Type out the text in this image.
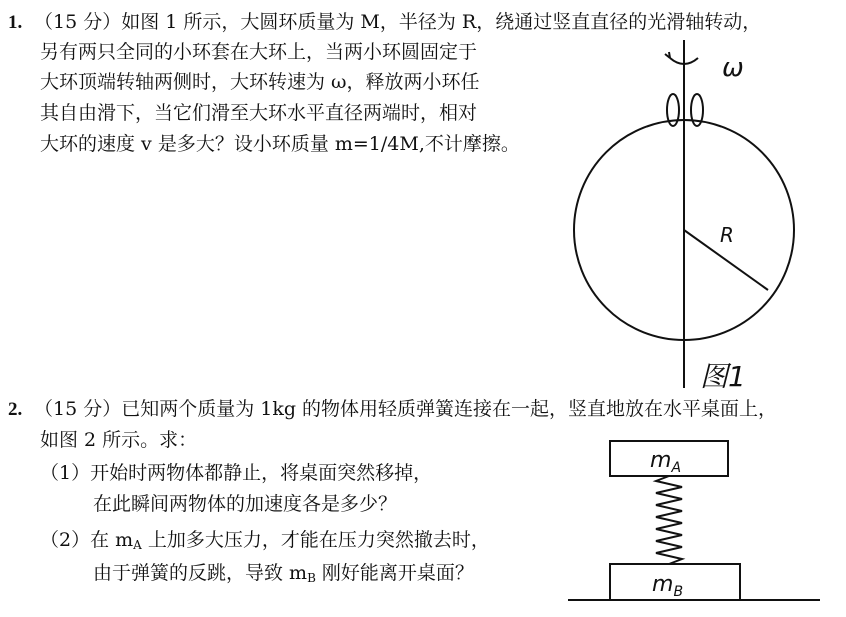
1. （15 分）如图 1 所示，大圆环质量为 M，半径为 R，绕通过竖直直径的光滑轴转动，
另有两只全同的小环套在大环上，当两小环圆固定于
大环顶端转轴两侧时，大环转速为 ω，释放两小环任
其自由滑下，当它们滑至大环水平直径两端时，相对
大环的速度 v 是多大？设小环质量 m=1/4M,不计摩擦。
2. （15 分）已知两个质量为 1kg 的物体用轻质弹簧连接在一起，竖直地放在水平桌面上，
如图 2 所示。求：
（1）开始时两物体都静止，将桌面突然移掉，
在此瞬间两物体的加速度各是多少？
（2）在 $m_A$ 上加多大压力，才能在压力突然撤去时，
由于弹簧的反跳，导致 $m_B$ 刚好能离开桌面？
ω
R
图1
$m_A$
$m_B$
